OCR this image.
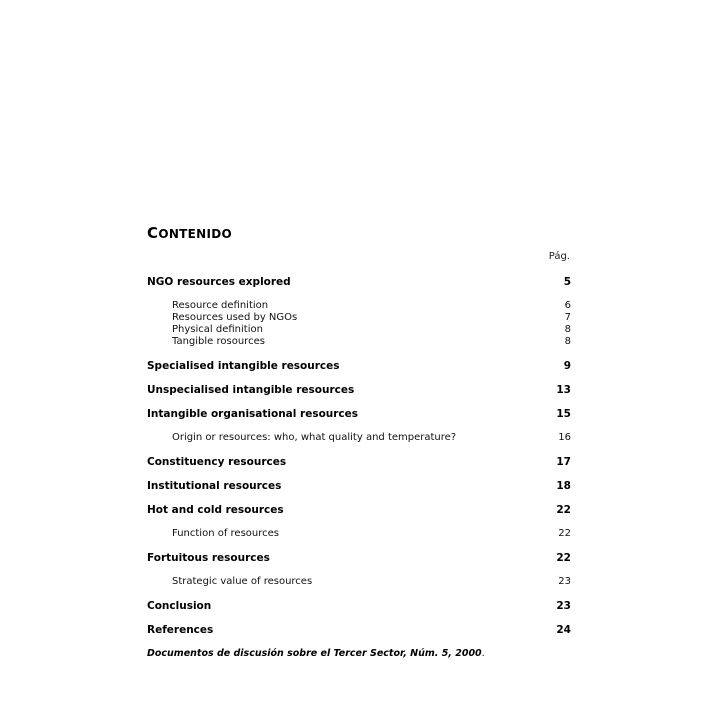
CONTENIDO
Pág.
NGO resources explored	5
Resource definition	6
Resources used by NGOs	7
Physical definition	8
Tangible rosources	8
Specialised intangible resources	9
Unspecialised intangible resources	13
Intangible organisational resources	15
Origin or resources: who, what quality and temperature?	16
Constituency resources	17
Institutional resources	18
Hot and cold resources	22
Function of resources	22
Fortuitous resources	22
Strategic value of resources	23
Conclusion	23
References	24
Documentos de discusión sobre el Tercer Sector, Núm. 5, 2000.
